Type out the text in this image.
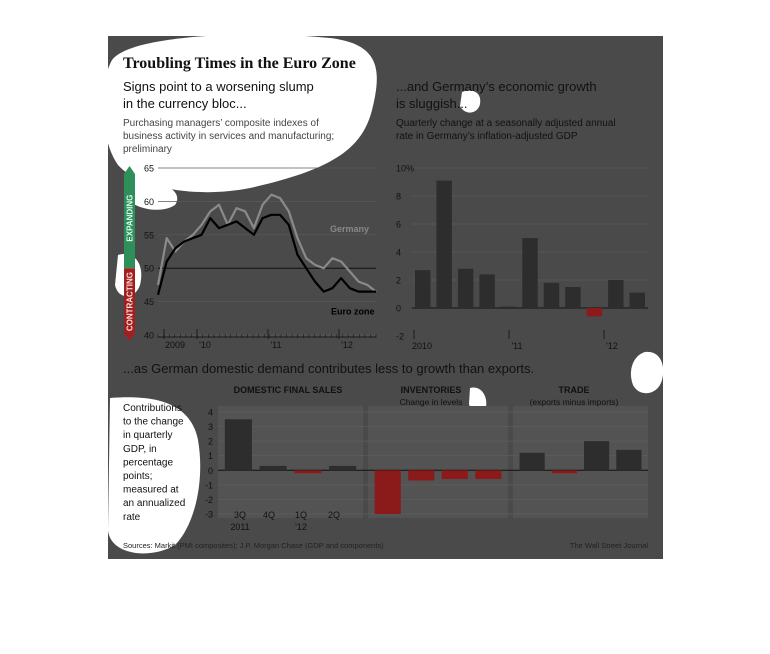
Troubling Times in the Euro Zone
Signs point to a worsening slump
in the currency bloc...
Purchasing managers’ composite indexes of
business activity in services and manufacturing;
preliminary
...and Germany’s economic growth
is sluggish...
Quarterly change at a seasonally adjusted annual
rate in Germany’s inflation-adjusted GDP
...as German domestic demand contributes less to growth than exports.
Contributions
to the change
in quarterly
GDP, in
percentage
points;
measured at
an annualized
rate
Sources: Markit (PMI composites); J.P. Morgan Chase (GDP and components)	The Wall Street Journal
EXPANDING
CONTRACTING
40
45
50
55
60
65
2009 '10	'11	'12
Germany
Euro zone
10%
8
6
4
2
0
-2
2010	'11	'12
4
3
2
1
0
-1
-2
-3
DOMESTIC FINAL SALES	INVENTORIES
Change in levels
TRADE
(exports minus imports)
3Q
2011
4Q 1Q
'12
2Q
